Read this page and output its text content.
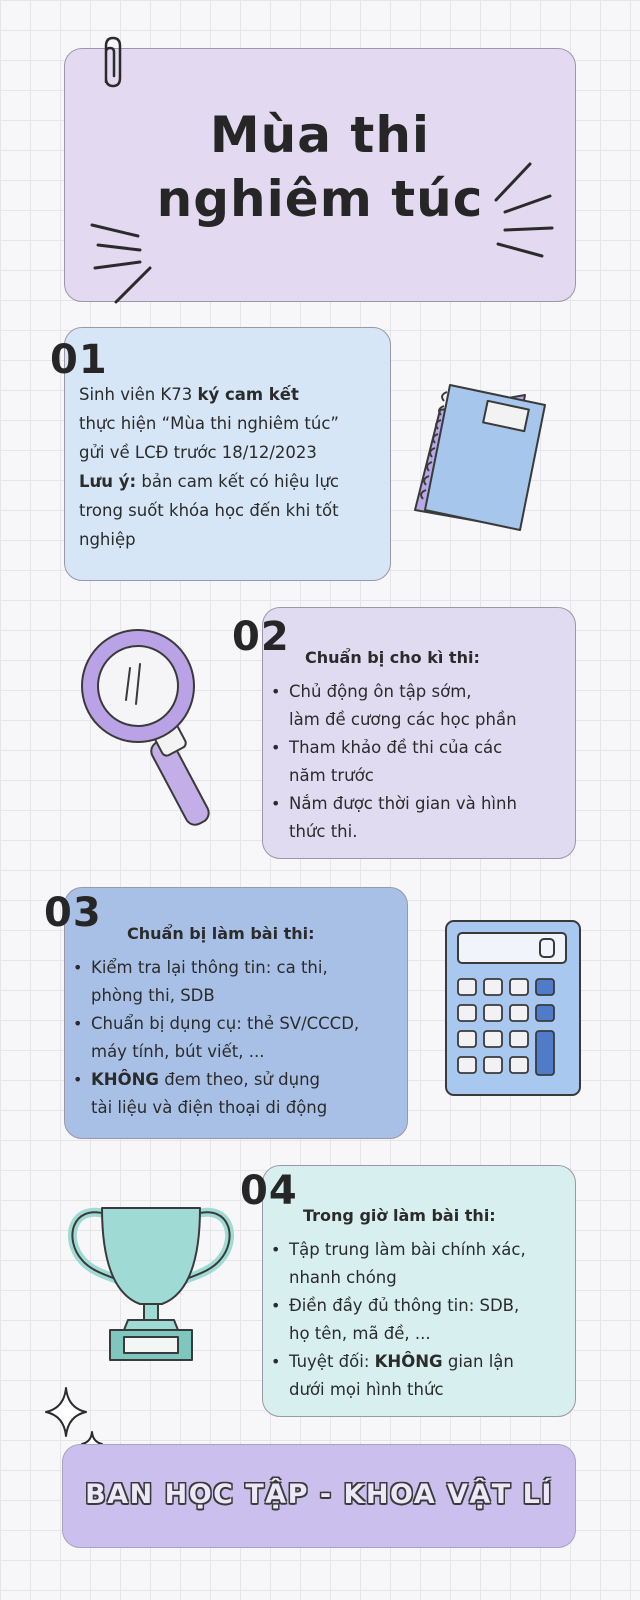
Mùa thi
nghiêm túc
Sinh viên K73 ký cam kết
thực hiện “Mùa thi nghiêm túc”
gửi về LCĐ trước 18/12/2023
Lưu ý: bản cam kết có hiệu lực
trong suốt khóa học đến khi tốt
nghiệp
01
Chuẩn bị cho kì thi:
• Chủ động ôn tập sớm,
làm đề cương các học phần
• Tham khảo đề thi của các
năm trước
• Nắm được thời gian và hình
thức thi.
02
Chuẩn bị làm bài thi:
• Kiểm tra lại thông tin: ca thi,
phòng thi, SDB
• Chuẩn bị dụng cụ: thẻ SV/CCCD,
máy tính, bút viết, ...
• KHÔNG đem theo, sử dụng
tài liệu và điện thoại di động
03
Trong giờ làm bài thi:
• Tập trung làm bài chính xác,
nhanh chóng
• Điền đầy đủ thông tin: SDB,
họ tên, mã đề, ...
• Tuyệt đối: KHÔNG gian lận
dưới mọi hình thức
04
BAN HỌC TẬP - KHOA VẬT LÍ
